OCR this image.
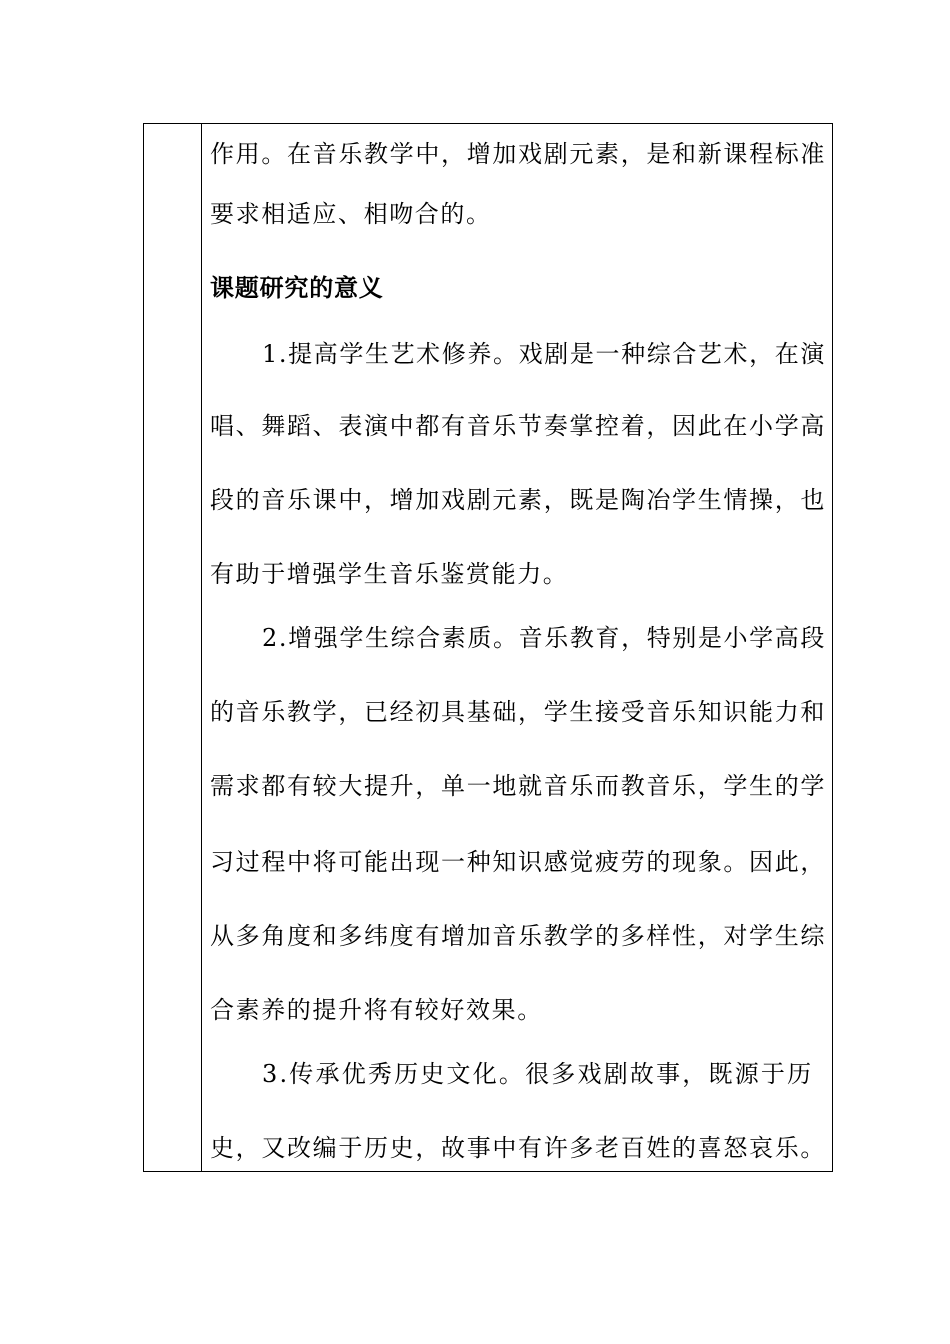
作用。在音乐教学中，增加戏剧元素，是和新课程标准
要求相适应、相吻合的。
课题研究的意义
1.提高学生艺术修养。戏剧是一种综合艺术，在演
唱、舞蹈、表演中都有音乐节奏掌控着，因此在小学高
段的音乐课中，增加戏剧元素，既是陶冶学生情操，也
有助于增强学生音乐鉴赏能力。
2.增强学生综合素质。音乐教育，特别是小学高段
的音乐教学，已经初具基础，学生接受音乐知识能力和
需求都有较大提升，单一地就音乐而教音乐，学生的学
习过程中将可能出现一种知识感觉疲劳的现象。因此，
从多角度和多纬度有增加音乐教学的多样性，对学生综
合素养的提升将有较好效果。
3.传承优秀历史文化。很多戏剧故事，既源于历
史，又改编于历史，故事中有许多老百姓的喜怒哀乐。
